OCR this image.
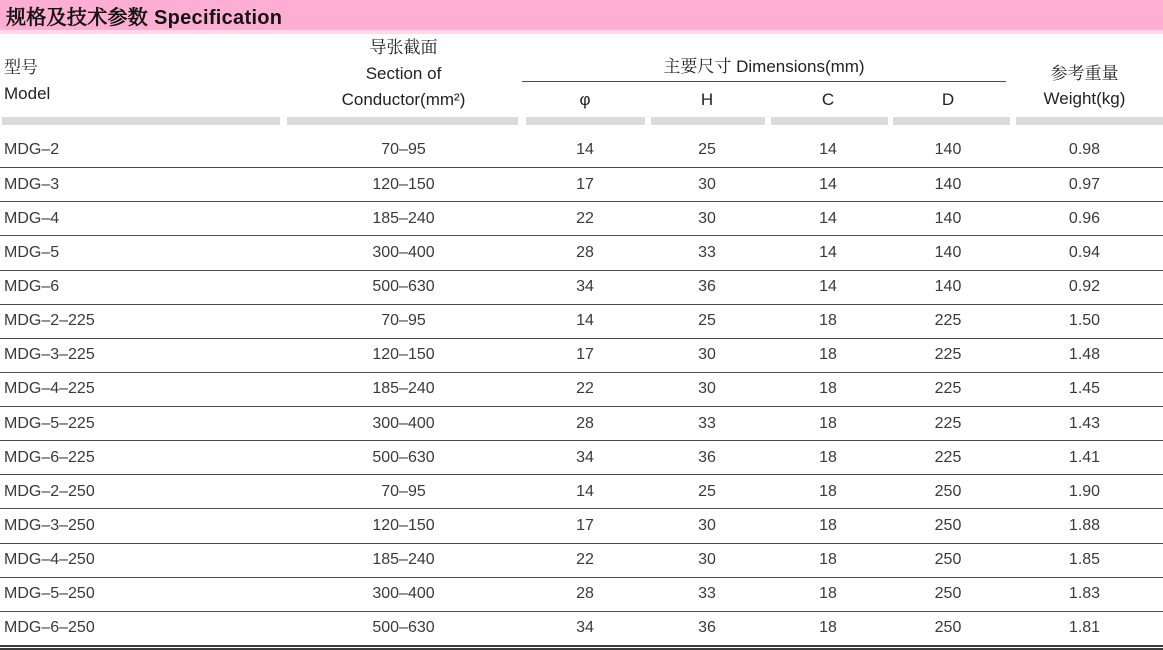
规格及技术参数 Specification
型号
Model
导张截面
Section of
Conductor(mm²)
主要尺寸 Dimensions(mm)
φ	H	C	D
参考重量
Weight(kg)
MDG–2	70–95	14	25	14	140	0.98
MDG–3	120–150	17	30	14	140	0.97
MDG–4	185–240	22	30	14	140	0.96
MDG–5	300–400	28	33	14	140	0.94
MDG–6	500–630	34	36	14	140	0.92
MDG–2–225	70–95	14	25	18	225	1.50
MDG–3–225	120–150	17	30	18	225	1.48
MDG–4–225	185–240	22	30	18	225	1.45
MDG–5–225	300–400	28	33	18	225	1.43
MDG–6–225	500–630	34	36	18	225	1.41
MDG–2–250	70–95	14	25	18	250	1.90
MDG–3–250	120–150	17	30	18	250	1.88
MDG–4–250	185–240	22	30	18	250	1.85
MDG–5–250	300–400	28	33	18	250	1.83
MDG–6–250	500–630	34	36	18	250	1.81
